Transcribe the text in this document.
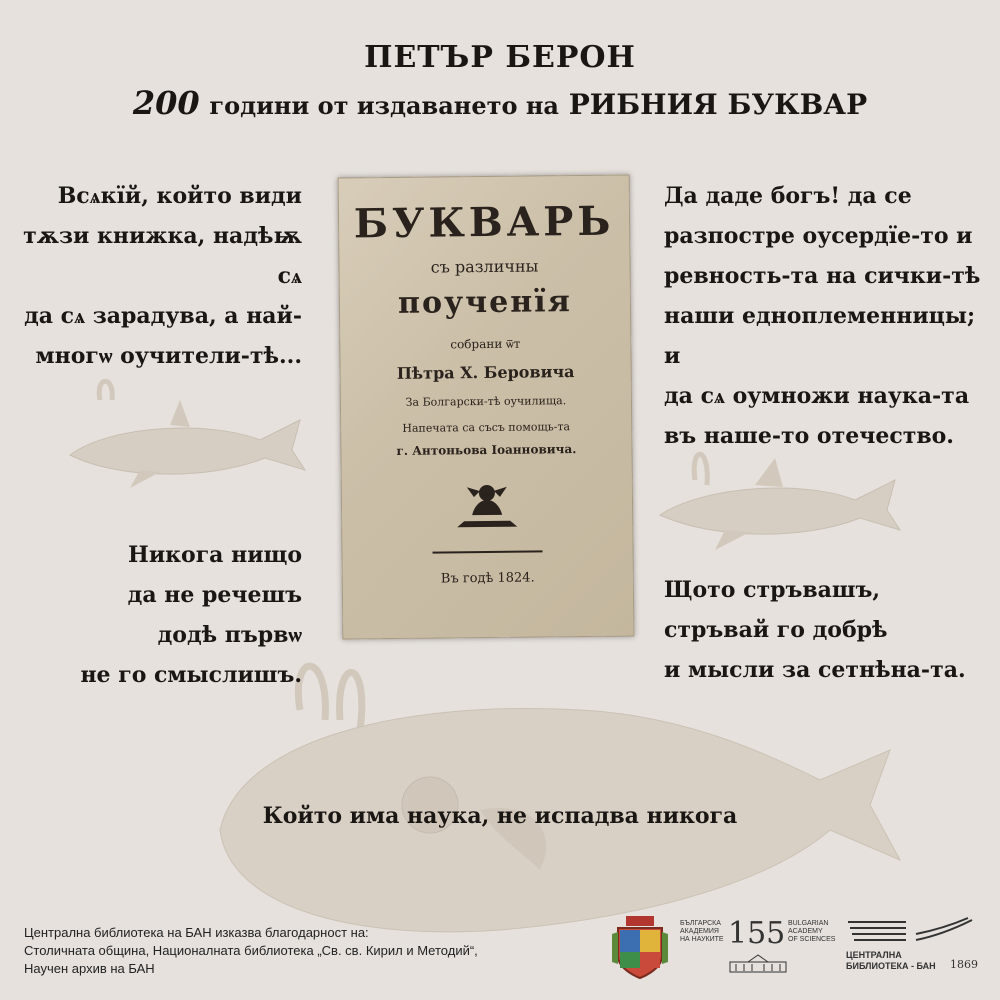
ПЕТЪР БЕРОН
200 години от издаването на РИБНИЯ БУКВАР
Всѧкїй, който види
тѫзи книжка, надѣѭ сѧ
да сѧ зарадува, а най-
многѡ оучители-тѣ...
Да даде богъ! да се
разпостре оусердїе-то и
ревность-та на сички-тѣ
наши еднoплеменницы; и
да сѧ оумножи наука-та
въ наше-то отечество.
Никога нищо
да не речешъ
додѣ първѡ
не го смыслишъ.
Щото стръвашъ,
стръвай го добрѣ
и мысли за сетнѣна-та.
Който има наука, не испадва никога
БУКВАРЬ
съ различны
поученїя
собрани ѿт
Пѣтра Х. Беровича
За Болгарски-тѣ оучилища.
Напечата са съсъ помощь-та
г. Антоньова Iоанновича.
Въ годѣ 1824.
Централна библиотека на БАН изказва благодарност на:
Столичната община, Националната библиотека „Св. св. Кирил и Методий“,
Научен архив на БАН
БЪЛГАРСКА
АКАДЕМИЯ
НА НАУКИТЕ 155 BULGARIAN
ACADEMY
OF SCIENCES
ЦЕНТРАЛНА
БИБЛИОТЕКА - БАН 1869
